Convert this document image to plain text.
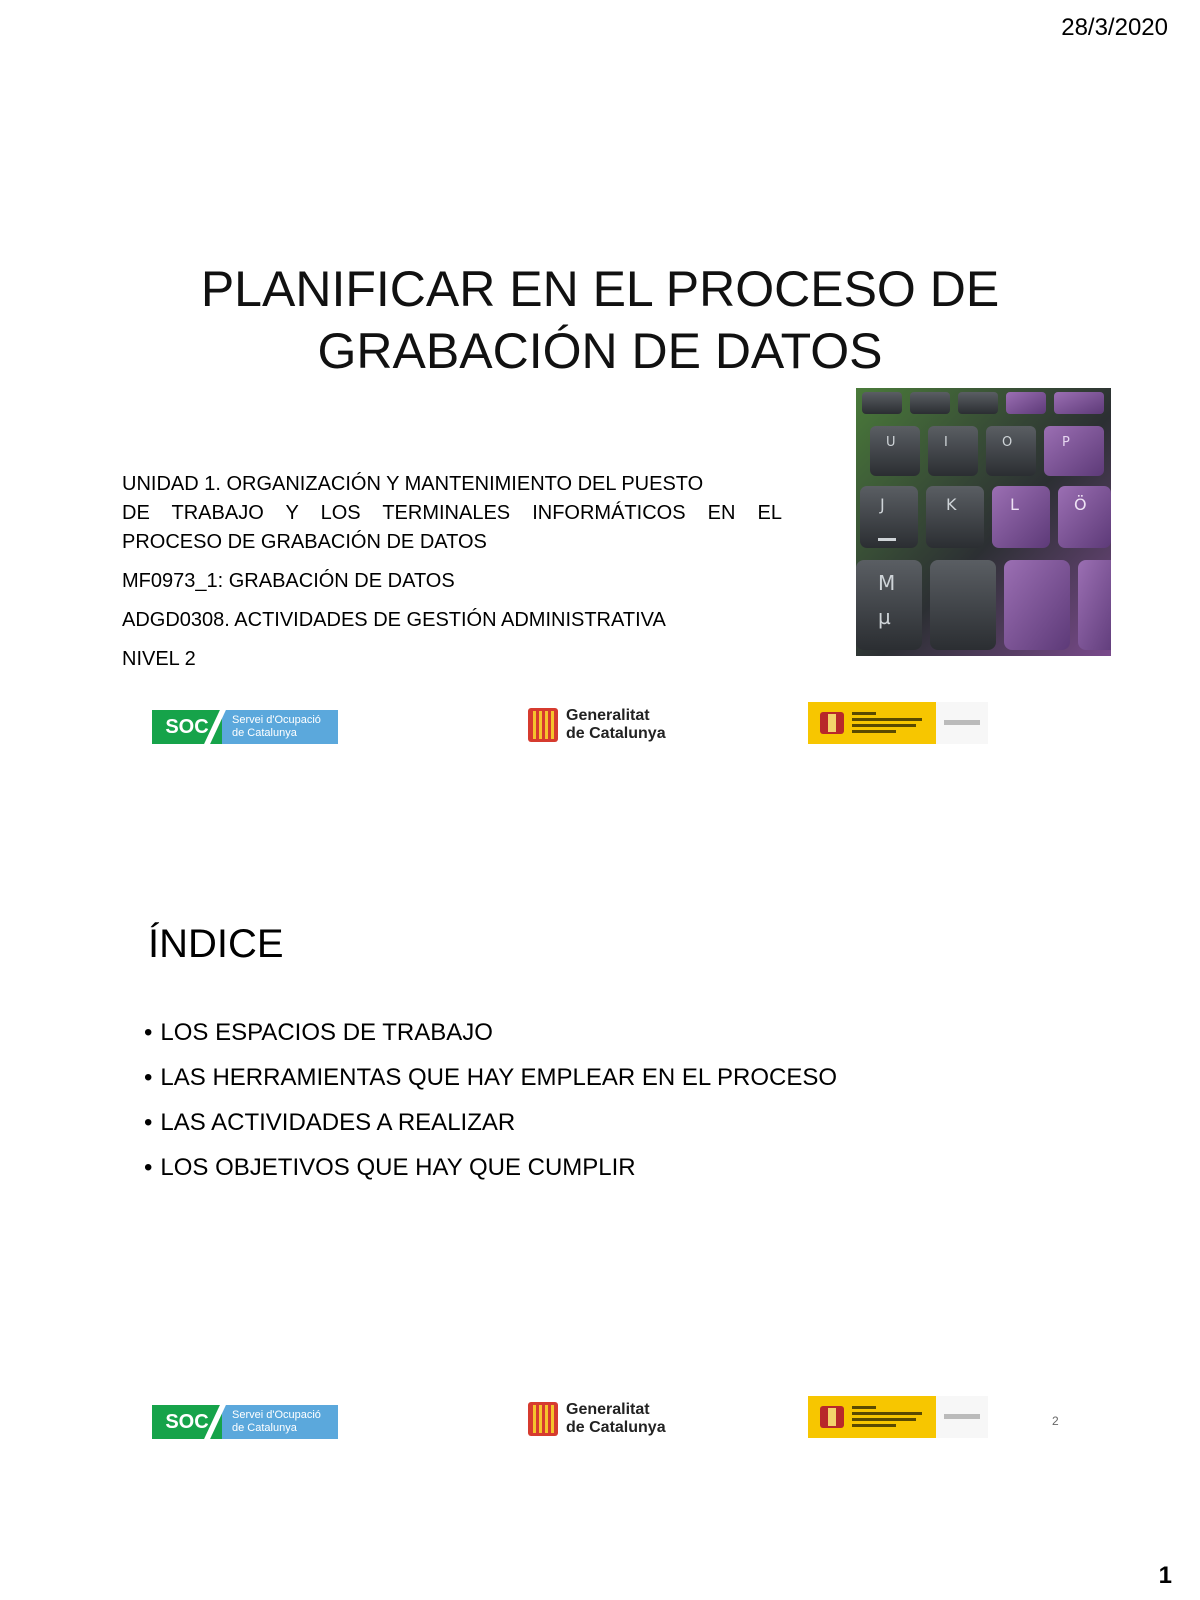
28/3/2020
PLANIFICAR EN EL PROCESO DE
GRABACIÓN DE DATOS
UNIDAD 1. ORGANIZACIÓN Y MANTENIMIENTO DEL PUESTO
DE TRABAJO Y LOS TERMINALES INFORMÁTICOS EN EL
PROCESO DE GRABACIÓN DE DATOS
MF0973_1: GRABACIÓN DE DATOS
ADGD0308. ACTIVIDADES DE GESTIÓN ADMINISTRATIVA
NIVEL 2
U	I	O	P
J	K	L	Ö
M
µ
SOC	Servei d'Ocupació
de Catalunya
Generalitat
de Catalunya
ÍNDICE
• LOS ESPACIOS DE TRABAJO
• LAS HERRAMIENTAS QUE HAY EMPLEAR EN EL PROCESO
• LAS ACTIVIDADES A REALIZAR
• LOS OBJETIVOS QUE HAY QUE CUMPLIR
SOC	Servei d'Ocupació
de Catalunya
Generalitat
de Catalunya	2
1
